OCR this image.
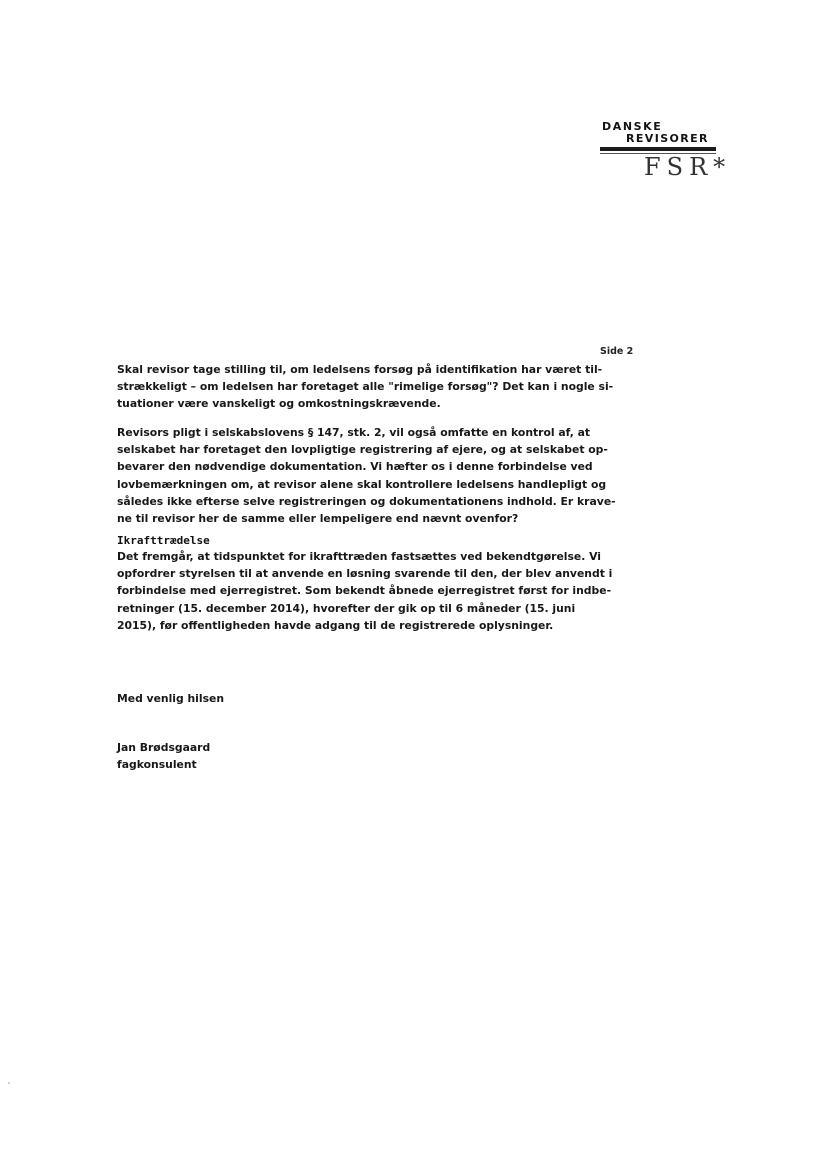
DANSKE
REVISORER
FSR*
Side 2
Skal revisor tage stilling til, om ledelsens forsøg på identifikation har været til-
strækkeligt – om ledelsen har foretaget alle "rimelige forsøg"? Det kan i nogle si-
tuationer være vanskeligt og omkostningskrævende.
Revisors pligt i selskabslovens § 147, stk. 2, vil også omfatte en kontrol af, at
selskabet har foretaget den lovpligtige registrering af ejere, og at selskabet op-
bevarer den nødvendige dokumentation. Vi hæfter os i denne forbindelse ved
lovbemærkningen om, at revisor alene skal kontrollere ledelsens handlepligt og
således ikke efterse selve registreringen og dokumentationens indhold. Er krave-
ne til revisor her de samme eller lempeligere end nævnt ovenfor?
Ikrafttrædelse
Det fremgår, at tidspunktet for ikrafttræden fastsættes ved bekendtgørelse. Vi
opfordrer styrelsen til at anvende en løsning svarende til den, der blev anvendt i
forbindelse med ejerregistret. Som bekendt åbnede ejerregistret først for indbe-
retninger (15. december 2014), hvorefter der gik op til 6 måneder (15. juni
2015), før offentligheden havde adgang til de registrerede oplysninger.
Med venlig hilsen
Jan Brødsgaard
fagkonsulent
